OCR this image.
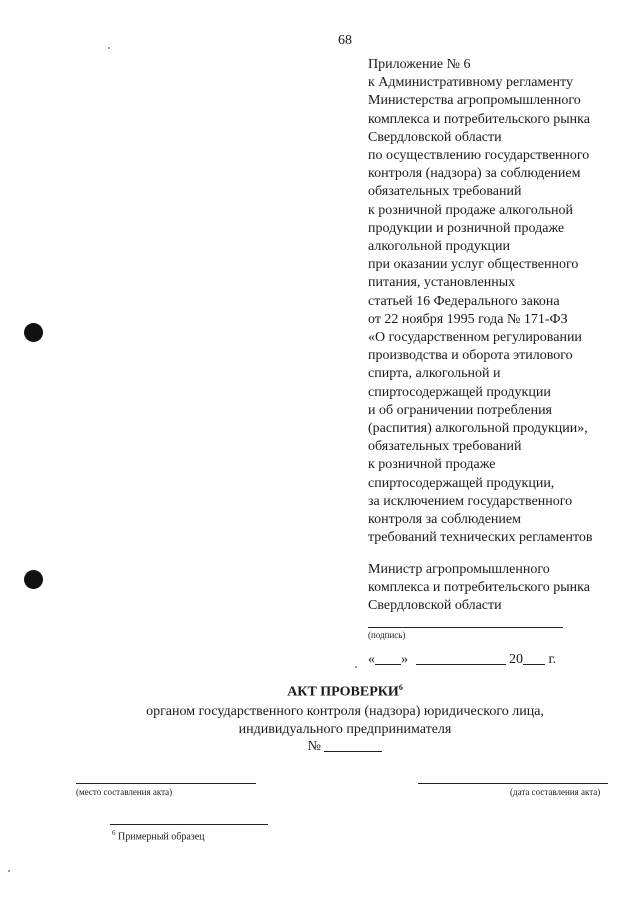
68
Приложение № 6
к Административному регламенту
Министерства агропромышленного
комплекса и потребительского рынка
Свердловской области
по осуществлению государственного
контроля (надзора) за соблюдением
обязательных требований
к розничной продаже алкогольной
продукции и розничной продаже
алкогольной продукции
при оказании услуг общественного
питания, установленных
статьей 16 Федерального закона
от 22 ноября 1995 года № 171-ФЗ
«О государственном регулировании
производства и оборота этилового
спирта, алкогольной и
спиртосодержащей продукции
и об ограничении потребления
(распития) алкогольной продукции»,
обязательных требований
к розничной продаже
спиртосодержащей продукции,
за исключением государственного
контроля за соблюдением
требований технических регламентов
Министр агропромышленного
комплекса и потребительского рынка
Свердловской области
(подпись)
« »	20 г.
АКТ ПРОВЕРКИ$^6$
органом государственного контроля (надзора) юридического лица,
индивидуального предпринимателя
№
(место составления акта)	(дата составления акта)
$^6$ Примерный образец
